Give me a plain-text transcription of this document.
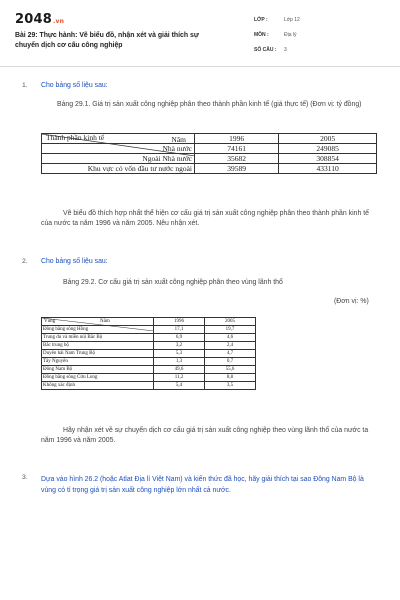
2048.vn
Bài 29: Thực hành: Vẽ biểu đồ, nhận xét và giải thích sự chuyển dịch cơ cấu công nghiệp
LỚP :	Lớp 12
MÔN :	Địa lý
SỐ CÂU : 3
1. Cho bảng số liệu sau:
Bảng 29.1. Giá trị sản xuất công nghiệp phân theo thành phần kinh tế (giá thực tế) (Đơn vị: tỷ đồng)
Năm
Thành phần kinh tế	1996	2005
Nhà nước	74161	249085
Ngoài Nhà nước	35682	308854
Khu vực có vốn đầu tư nước ngoài	39589	433110
Vẽ biểu đồ thích hợp nhất thể hiện cơ cấu giá trị sản xuất công nghiệp phân theo thành phần kinh tế của nước ta năm 1996 và năm 2005. Nêu nhận xét.
2. Cho bảng số liệu sau:
Bảng 29.2. Cơ cấu giá trị sản xuất công nghiệp phân theo vùng lãnh thổ
(Đơn vị: %)
Năm
Vùng	1996	2005
Đồng bằng sông Hồng	17,1	19,7
Trung du và miền núi Bắc Bộ	6,9	4,6
Bắc trung bộ	3,2	2,4
Duyên hải Nam Trung Bộ	5,3	4,7
Tây Nguyên	1,3	0,7
Đông Nam Bộ	49,6	55,6
Đồng bằng sông Cửu Long	11,2	8,8
Không xác định	5,4	3,5
Hãy nhận xét về sự chuyển dịch cơ cấu giá trị sản xuất công nghiệp theo vùng lãnh thổ của nước ta năm 1996 và năm 2005.
3. Dựa vào hình 26.2 (hoặc Atlat Địa lí Việt Nam) và kiến thức đã học, hãy giải thích tại sao Đông Nam Bộ là vùng có tỉ trọng giá trị sản xuất công nghiệp lớn nhất cả nước.
